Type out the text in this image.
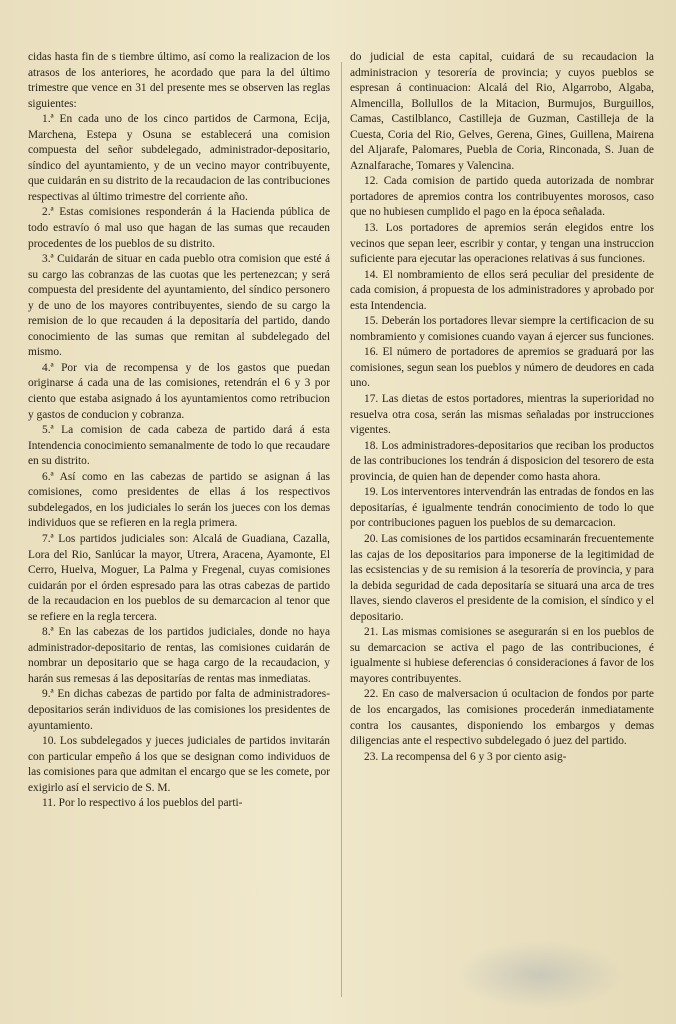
cidas hasta fin de s tiembre último, así como la realizacion de los atrasos de los anteriores, he acordado que para la del último trimestre que vence en 31 del presente mes se observen las reglas siguientes:

1.ª En cada uno de los cinco partidos de Carmona, Ecija, Marchena, Estepa y Osuna se establecerá una comision compuesta del señor subdelegado, administrador-depositario, síndico del ayuntamiento, y de un vecino mayor contribuyente, que cuidarán en su distrito de la recaudacion de las contribuciones respectivas al último trimestre del corriente año.

2.ª Estas comisiones responderán á la Hacienda pública de todo estravío ó mal uso que hagan de las sumas que recauden procedentes de los pueblos de su distrito.

3.ª Cuidarán de situar en cada pueblo otra comision que esté á su cargo las cobranzas de las cuotas que les pertenezcan; y será compuesta del presidente del ayuntamiento, del síndico personero y de uno de los mayores contribuyentes, siendo de su cargo la remision de lo que recauden á la depositaría del partido, dando conocimiento de las sumas que remitan al subdelegado del mismo.

4.ª Por via de recompensa y de los gastos que puedan originarse á cada una de las comisiones, retendrán el 6 y 3 por ciento que estaba asignado á los ayuntamientos como retribucion y gastos de conducion y cobranza.

5.ª La comision de cada cabeza de partido dará á esta Intendencia conocimiento semanalmente de todo lo que recaudare en su distrito.

6.ª Así como en las cabezas de partido se asignan á las comisiones, como presidentes de ellas á los respectivos subdelegados, en los judiciales lo serán los jueces con los demas individuos que se refieren en la regla primera.

7.ª Los partidos judiciales son: Alcalá de Guadiana, Cazalla, Lora del Rio, Sanlúcar la mayor, Utrera, Aracena, Ayamonte, El Cerro, Huelva, Moguer, La Palma y Fregenal, cuyas comisiones cuidarán por el órden espresado para las otras cabezas de partido de la recaudacion en los pueblos de su demarcacion al tenor que se refiere en la regla tercera.

8.ª En las cabezas de los partidos judiciales, donde no haya administrador-depositario de rentas, las comisiones cuidarán de nombrar un depositario que se haga cargo de la recaudacion, y harán sus remesas á las depositarías de rentas mas inmediatas.

9.ª En dichas cabezas de partido por falta de administradores-depositarios serán individuos de las comisiones los presidentes de ayuntamiento.

10. Los subdelegados y jueces judiciales de partidos invitarán con particular empeño á los que se designan como individuos de las comisiones para que admitan el encargo que se les comete, por exigirlo así el servicio de S. M.

11. Por lo respectivo á los pueblos del parti-

do judicial de esta capital, cuidará de su recaudacion la administracion y tesorería de provincia; y cuyos pueblos se espresan á continuacion: Alcalá del Rio, Algarrobo, Algaba, Almencilla, Bollullos de la Mitacion, Burmujos, Burguillos, Camas, Castilblanco, Castilleja de Guzman, Castilleja de la Cuesta, Coria del Rio, Gelves, Gerena, Gines, Guillena, Mairena del Aljarafe, Palomares, Puebla de Coria, Rinconada, S. Juan de Aznalfarache, Tomares y Valencina.

12. Cada comision de partido queda autorizada de nombrar portadores de apremios contra los contribuyentes morosos, caso que no hubiesen cumplido el pago en la época señalada.

13. Los portadores de apremios serán elegidos entre los vecinos que sepan leer, escribir y contar, y tengan una instruccion suficiente para ejecutar las operaciones relativas á sus funciones.

14. El nombramiento de ellos será peculiar del presidente de cada comision, á propuesta de los administradores y aprobado por esta Intendencia.

15. Deberán los portadores llevar siempre la certificacion de su nombramiento y comisiones cuando vayan á ejercer sus funciones.

16. El número de portadores de apremios se graduará por las comisiones, segun sean los pueblos y número de deudores en cada uno.

17. Las dietas de estos portadores, mientras la superioridad no resuelva otra cosa, serán las mismas señaladas por instrucciones vigentes.

18. Los administradores-depositarios que reciban los productos de las contribuciones los tendrán á disposicion del tesorero de esta provincia, de quien han de depender como hasta ahora.

19. Los interventores intervendrán las entradas de fondos en las depositarías, é igualmente tendrán conocimiento de todo lo que por contribuciones paguen los pueblos de su demarcacion.

20. Las comisiones de los partidos ecsaminarán frecuentemente las cajas de los depositarios para imponerse de la legitimidad de las ecsistencias y de su remision á la tesorería de provincia, y para la debida seguridad de cada depositaría se situará una arca de tres llaves, siendo claveros el presidente de la comision, el síndico y el depositario.

21. Las mismas comisiones se asegurarán si en los pueblos de su demarcacion se activa el pago de las contribuciones, é igualmente si hubiese deferencias ó consideraciones á favor de los mayores contribuyentes.

22. En caso de malversacion ú ocultacion de fondos por parte de los encargados, las comisiones procederán inmediatamente contra los causantes, disponiendo los embargos y demas diligencias ante el respectivo subdelegado ó juez del partido.

23. La recompensa del 6 y 3 por ciento asig-
